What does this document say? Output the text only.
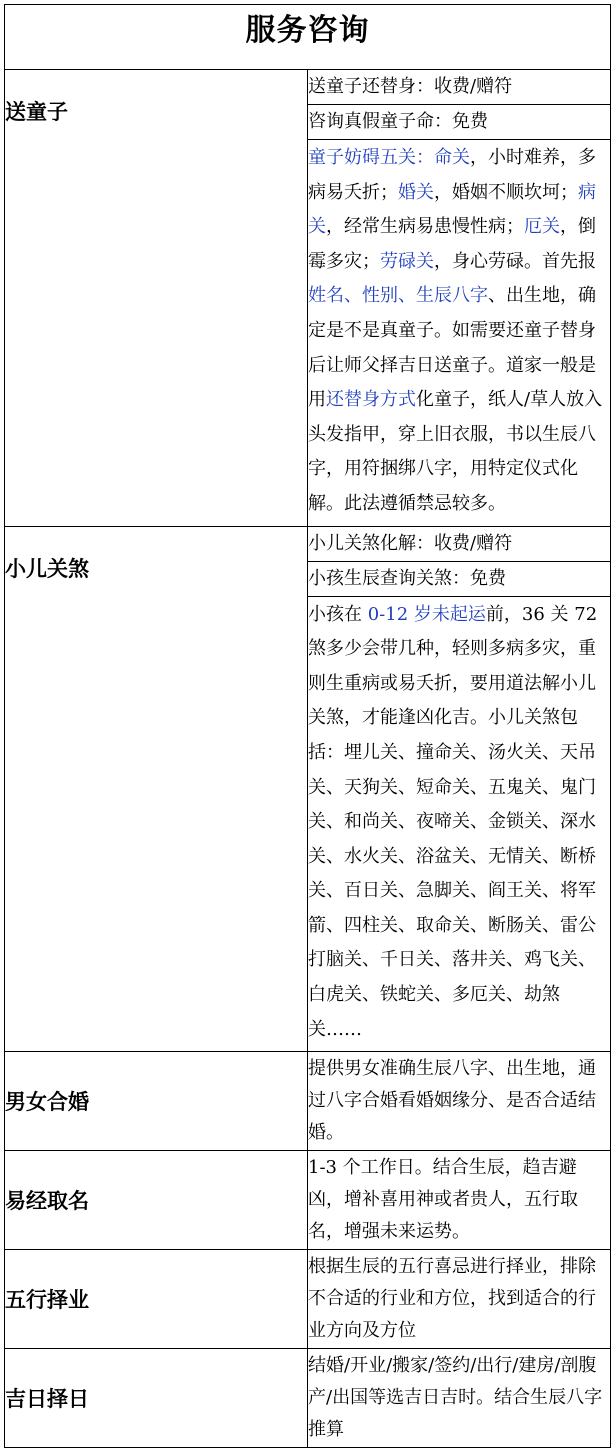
服务咨询	
送童子	送童子还替身：收费/赠符
	咨询真假童子命：免费
	童子妨碍五关：命关，小时难养，多病易夭折；婚关，婚姻不顺坎坷；病关，经常生病易患慢性病；厄关，倒霉多灾；劳碌关，身心劳碌。首先报姓名、性别、生辰八字、出生地，确定是不是真童子。如需要还童子替身后让师父择吉日送童子。道家一般是用还替身方式化童子，纸人/草人放入头发指甲，穿上旧衣服，书以生辰八字，用符捆绑八字，用特定仪式化解。此法遵循禁忌较多。
小儿关煞	小儿关煞化解：收费/赠符
	小孩生辰查询关煞：免费
	小孩在 0-12 岁未起运前，36 关 72 煞多少会带几种，轻则多病多灾，重则生重病或易夭折，要用道法解小儿关煞，才能逢凶化吉。小儿关煞包括：埋儿关、撞命关、汤火关、天吊关、天狗关、短命关、五鬼关、鬼门关、和尚关、夜啼关、金锁关、深水关、水火关、浴盆关、无情关、断桥关、百日关、急脚关、阎王关、将军箭、四柱关、取命关、断肠关、雷公打脑关、千日关、落井关、鸡飞关、白虎关、铁蛇关、多厄关、劫煞关……
男女合婚	提供男女准确生辰八字、出生地，通过八字合婚看婚姻缘分、是否合适结婚。
易经取名	1-3 个工作日。结合生辰，趋吉避凶，增补喜用神或者贵人，五行取名，增强未来运势。
五行择业	根据生辰的五行喜忌进行择业，排除不合适的行业和方位，找到适合的行业方向及方位
吉日择日	结婚/开业/搬家/签约/出行/建房/剖腹产/出国等选吉日吉时。结合生辰八字推算
